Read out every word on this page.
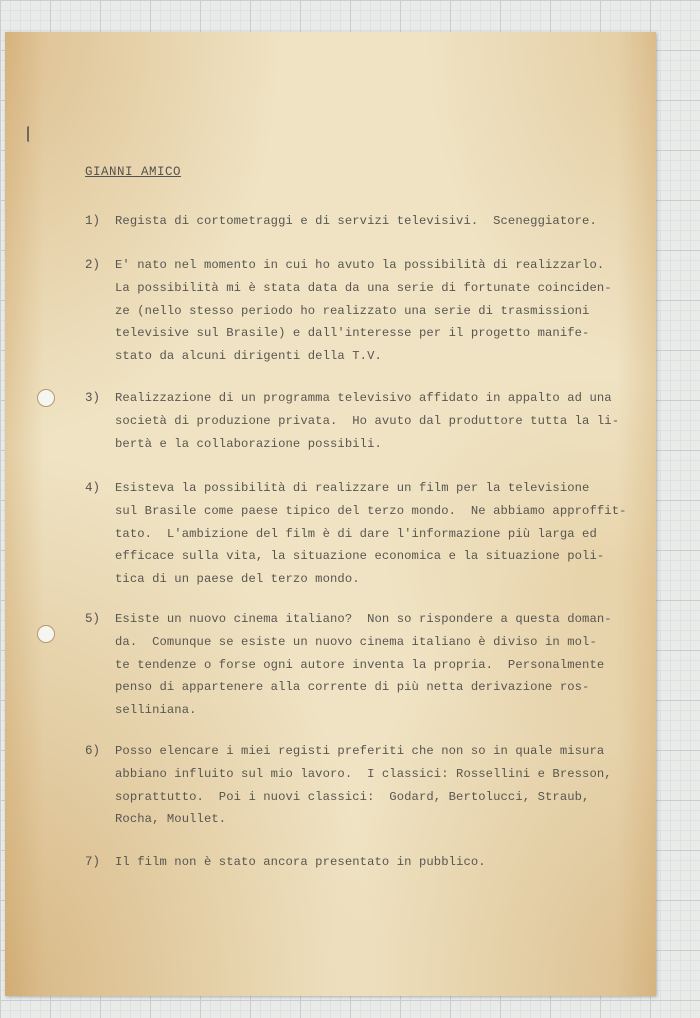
GIANNI AMICO
1)	Regista di cortometraggi e di servizi televisivi.  Sceneggiatore.
2)	E' nato nel momento in cui ho avuto la possibilità di realizzarlo.
La possibilità mi è stata data da una serie di fortunate coinciden-
ze (nello stesso periodo ho realizzato una serie di trasmissioni
televisive sul Brasile) e dall'interesse per il progetto manife-
stato da alcuni dirigenti della T.V.
3)	Realizzazione di un programma televisivo affidato in appalto ad una
società di produzione privata.  Ho avuto dal produttore tutta la li-
bertà e la collaborazione possibili.
4)	Esisteva la possibilità di realizzare un film per la televisione
sul Brasile come paese tipico del terzo mondo.  Ne abbiamo approffit-
tato.  L'ambizione del film è di dare l'informazione più larga ed
efficace sulla vita, la situazione economica e la situazione poli-
tica di un paese del terzo mondo.
5)	Esiste un nuovo cinema italiano?  Non so rispondere a questa doman-
da.  Comunque se esiste un nuovo cinema italiano è diviso in mol-
te tendenze o forse ogni autore inventa la propria.  Personalmente
penso di appartenere alla corrente di più netta derivazione ros-
selliniana.
6)	Posso elencare i miei registi preferiti che non so in quale misura
abbiano influito sul mio lavoro.  I classici: Rossellini e Bresson,
soprattutto.  Poi i nuovi classici:  Godard, Bertolucci, Straub,
Rocha, Moullet.
7)	Il film non è stato ancora presentato in pubblico.
